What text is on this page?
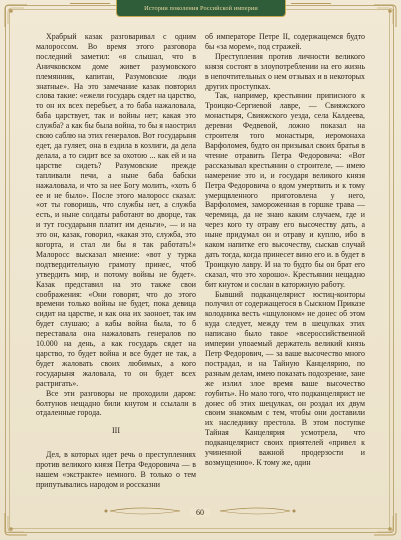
Истории поколения Российской империи

Храбрый казак разговаривал с одним малороссом. Во время этого разговора последний заметил: «я слышал, что в Аничковском доме живет разумовского племянник, капитан, Разумовские люди знатные». На это замечание казак повторил слова такие: «ежели государь сядет на царство, то он их всех перебьет, а то баба нажаловала, баба царствует, так и войны нет; какая это служба? а как бы была война, то бы я наострил свою саблю на этих генералов. Вот государыня едет, да гуляет, она в ездила в козлиги, да дела делала, а то сидит все за охотою ... как ей и на царстве сидеть? Разумовские прежде тапливали печи, а ныне баба бабски нажаловала, и что за нее Богу молить, «хоть б ее и не было». После этого малоросс сказал: «от ты говоришь, что службы нет, а служба есть, и ныне солдаты работают во дворце, так и тут государыня платит им деньги», — и на это он, казак, говорил, «какая это, служба, это когорта, и стал ли бы я так работать!» Малоросс высказал мнение: «вот у турка подтвердительную грамоту принес, чтоб утвердить мир, и потому войны не будет». Казак представил на это также свои соображения: «Они говорят, что до этого времени только войны не будет, пока девица сидит на царстве, и как она их заоноет, так им будет слушаю; а кабы война была, то б переставала она нажаловать генералов по 10.000 на день, а как государь сядет на царство, то будет война и все будет не так, а будет жаловать своих любимых, а кого государыня жаловала, то он будет всех растригать».

Все эти разговоры не проходили даром: болтунов нещадно били кнутом и ссылали в отдаленные города.

III

Дел, в которых идет речь о преступлениях против великого князя Петра Федоровича — в нашем «экстракте» немного. В только о тем припутывались народом и россказни

об императоре Петре II, содержащемся будто бы «за морем», под стражей.

Преступления против личности великого князя состоят в злоупотреблении на его жизнь в непочтительных о нем отзывах и в некоторых других проступках.

Так, например, крестьянин приписного к Троицко-Сергиевой лавре, — Свияжского монастыря, Свияжского уезда, села Калдеева, деревни Федвевой, ложно показал на строителя того монастыря, иеромонаха Варфоломея, будто он призывал своих братья в чтение отравить Петра Федоровича: «Вот рассказывал крестьянин о строителе, — имею намерение это и, и государя великого князя Петра Федоровича о ядом умертвить и к тому умерщвленного приготовлена у него, Варфоломея, замороженная в горшке трава — черемица, да не знаю каким случаем, где и через кого ту отраву его высочеству дать, а ныне придумал он и отраву и куплю, ибо в каком напитке его высочеству, сыскав случай дать тогда, когда принесет вино его и. в будет в Троицкую лавру. И на то будто бы он брат его сказал, что это хорошо». Крестьянин нещадно бит кнутом и сослан в каторжную работу.

Бывший подканцелярист юстиц-конторы получил от содержащегося в Сыскном Приказе колодника весть «шцулоном» не донес об этом куда следует, между тем в шецулках этих написано было такое «всероссийственной империи упоаемый держатель великий князь Петр Федорович, — за ваше высочество много пострадал, и на Тайную Канцелярию, по разным делам, имею показать подозрение, зане же излил злое время ваше высочество гоубить». Но мало того, что подканцелярист не донес об этих шецулках, он роздал их двум своим знакомым с тем, чтобы они доставили их наследнику престола. В этом поступке Тайная Канцелярия усмотрела, что подканцелярист своих приятелей «привел к учиненной важной продерзости и возмущению». К тому же, один

60
